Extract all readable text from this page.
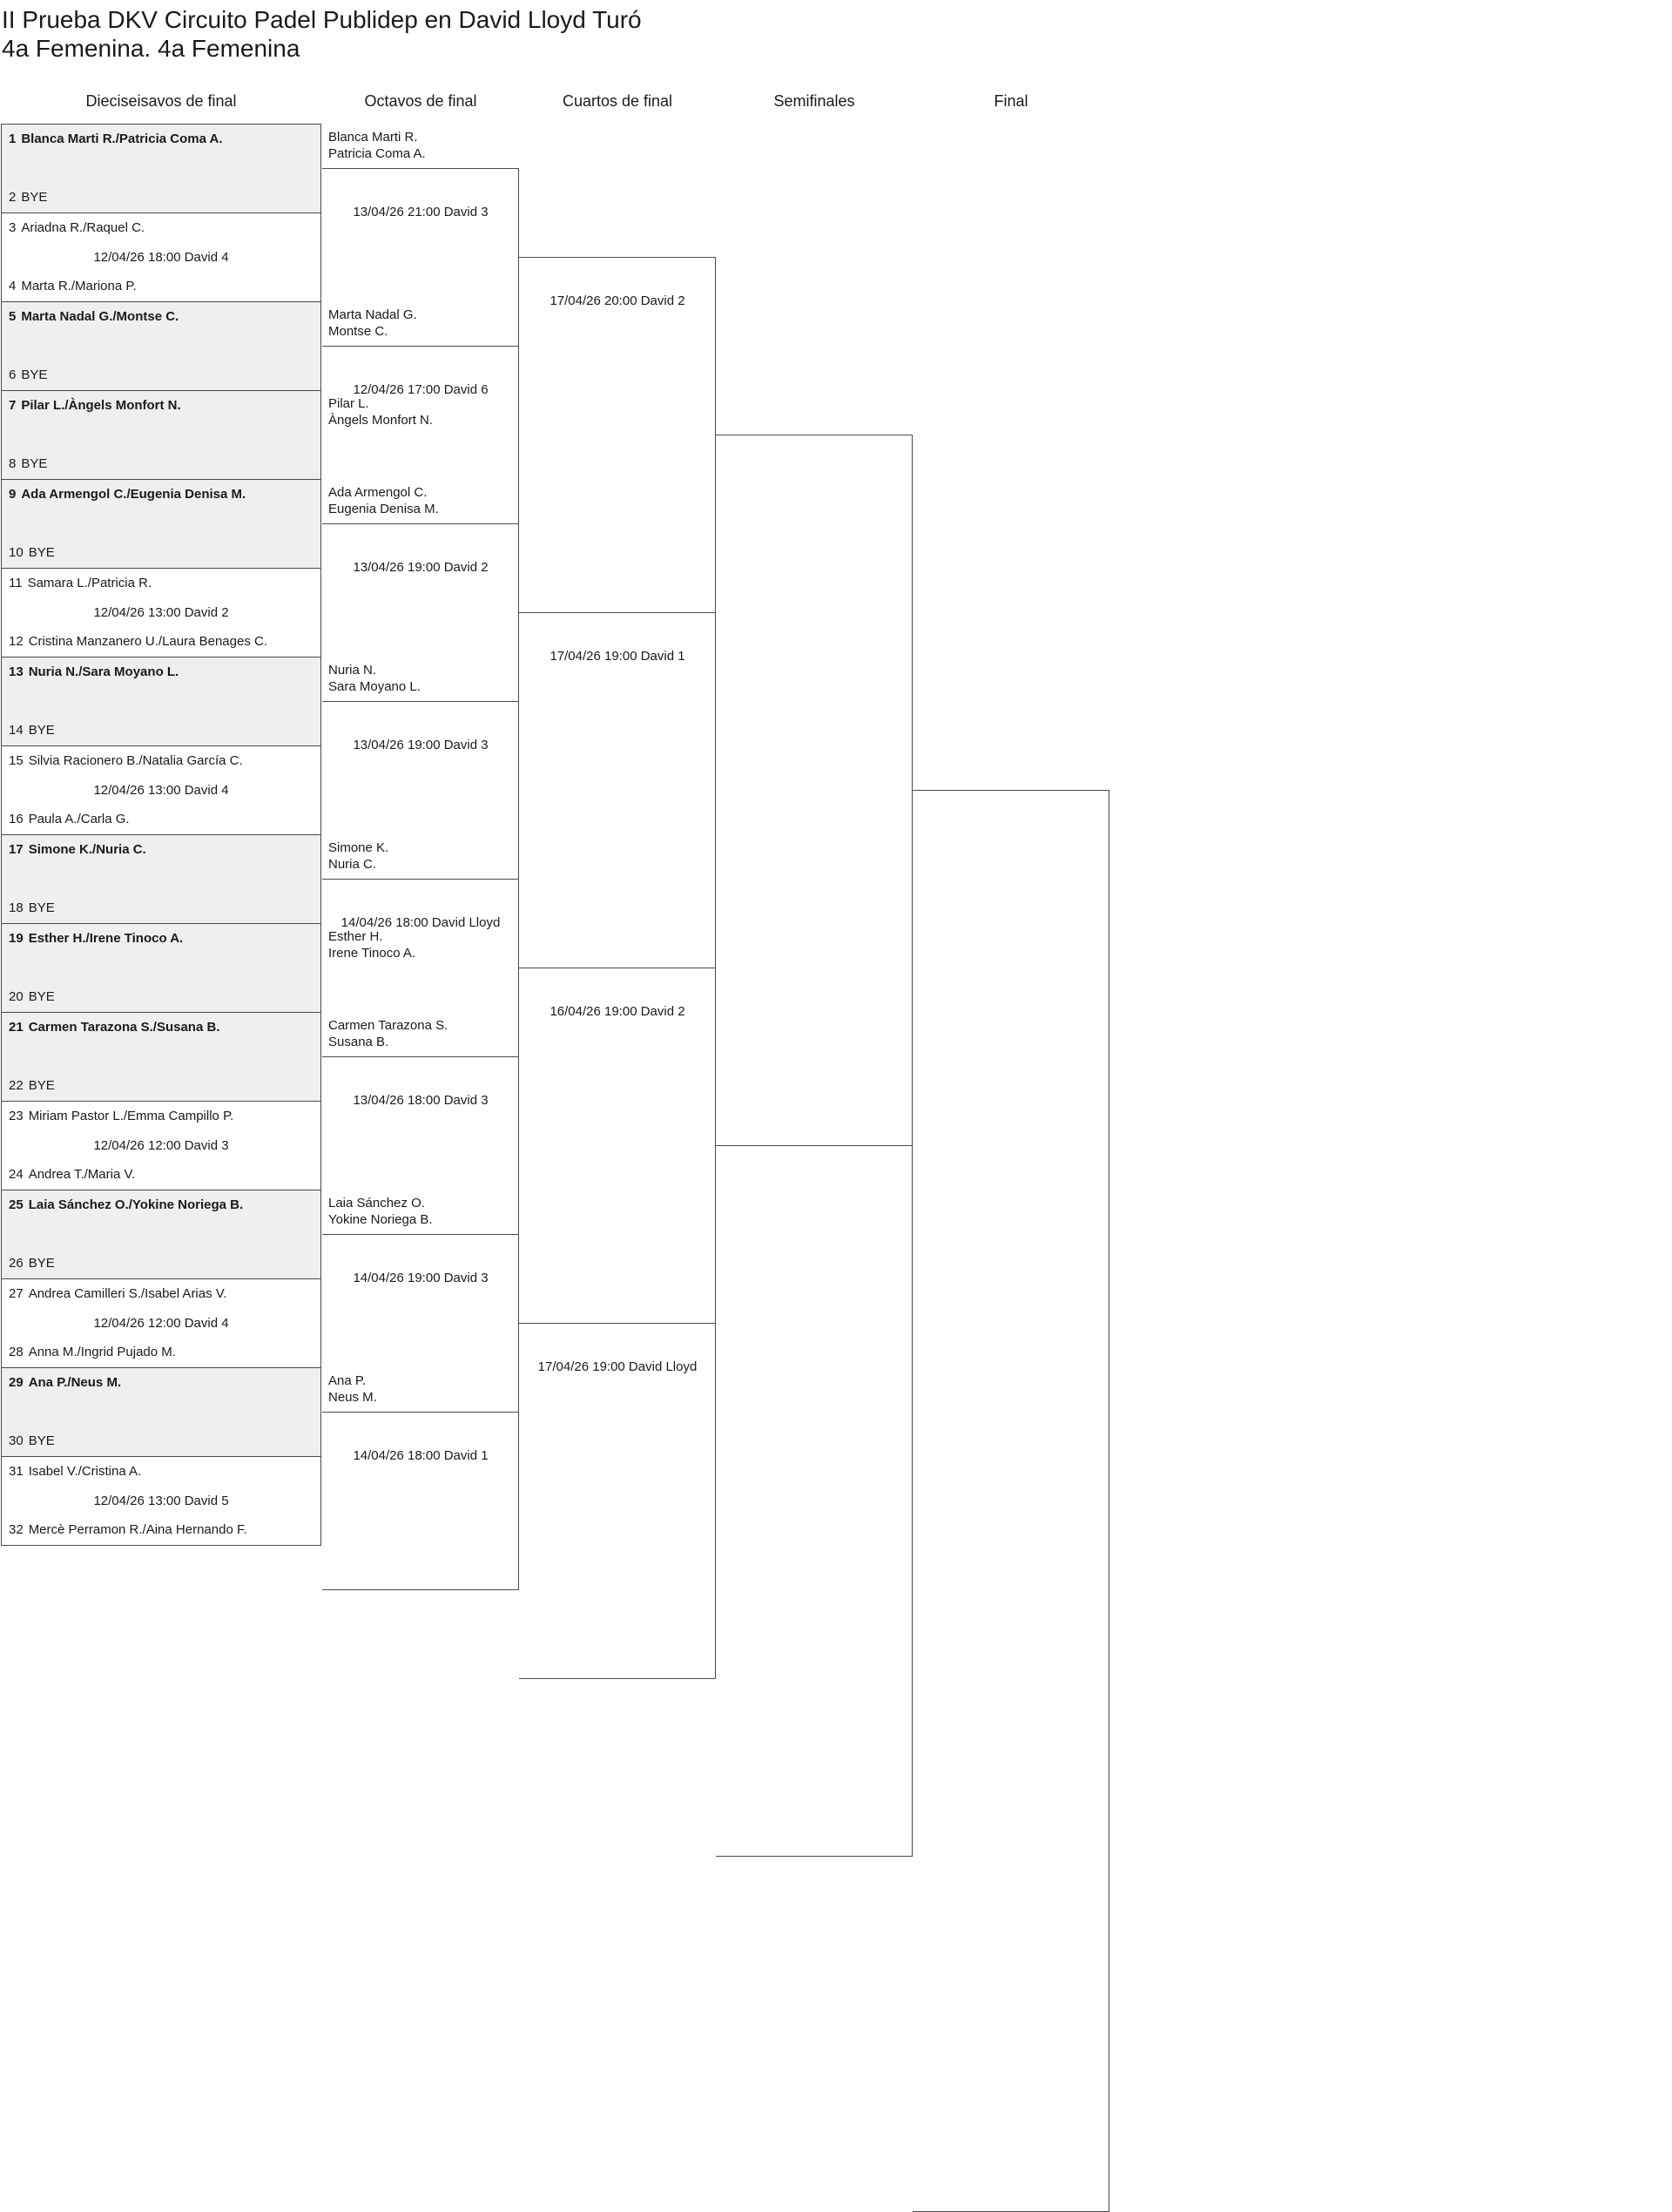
II Prueba DKV Circuito Padel Publidep en David Lloyd Turó
4a Femenina. 4a Femenina
Dieciseisavos de final	Octavos de final	Cuartos de final	Semifinales	Final
1 Blanca Marti R./Patricia Coma A.
2 BYE
3 Ariadna R./Raquel C.
12/04/26 18:00 David 4
4 Marta R./Mariona P.
5 Marta Nadal G./Montse C.
6 BYE
7 Pilar L./Àngels Monfort N.
8 BYE
9 Ada Armengol C./Eugenia Denisa M.
10 BYE
11 Samara L./Patricia R.
12/04/26 13:00 David 2
12 Cristina Manzanero U./Laura Benages C.
13 Nuria N./Sara Moyano L.
14 BYE
15 Silvia Racionero B./Natalia García C.
12/04/26 13:00 David 4
16 Paula A./Carla G.
17 Simone K./Nuria C.
18 BYE
19 Esther H./Irene Tinoco A.
20 BYE
21 Carmen Tarazona S./Susana B.
22 BYE
23 Miriam Pastor L./Emma Campillo P.
12/04/26 12:00 David 3
24 Andrea T./Maria V.
25 Laia Sánchez O./Yokine Noriega B.
26 BYE
27 Andrea Camilleri S./Isabel Arias V.
12/04/26 12:00 David 4
28 Anna M./Ingrid Pujado M.
29 Ana P./Neus M.
30 BYE
31 Isabel V./Cristina A.
12/04/26 13:00 David 5
32 Mercè Perramon R./Aina Hernando F.
Blanca Marti R.
Patricia Coma A.
Marta Nadal G.
Montse C.
Pilar L.
Àngels Monfort N.
Ada Armengol C.
Eugenia Denisa M.
Nuria N.
Sara Moyano L.
Simone K.
Nuria C.
Esther H.
Irene Tinoco A.
Carmen Tarazona S.
Susana B.
Laia Sánchez O.
Yokine Noriega B.
Ana P.
Neus M.
13/04/26 21:00 David 3
12/04/26 17:00 David 6
13/04/26 19:00 David 2
13/04/26 19:00 David 3
14/04/26 18:00 David Lloyd
13/04/26 18:00 David 3
14/04/26 19:00 David 3
14/04/26 18:00 David 1
17/04/26 20:00 David 2
17/04/26 19:00 David 1
16/04/26 19:00 David 2
17/04/26 19:00 David Lloyd
